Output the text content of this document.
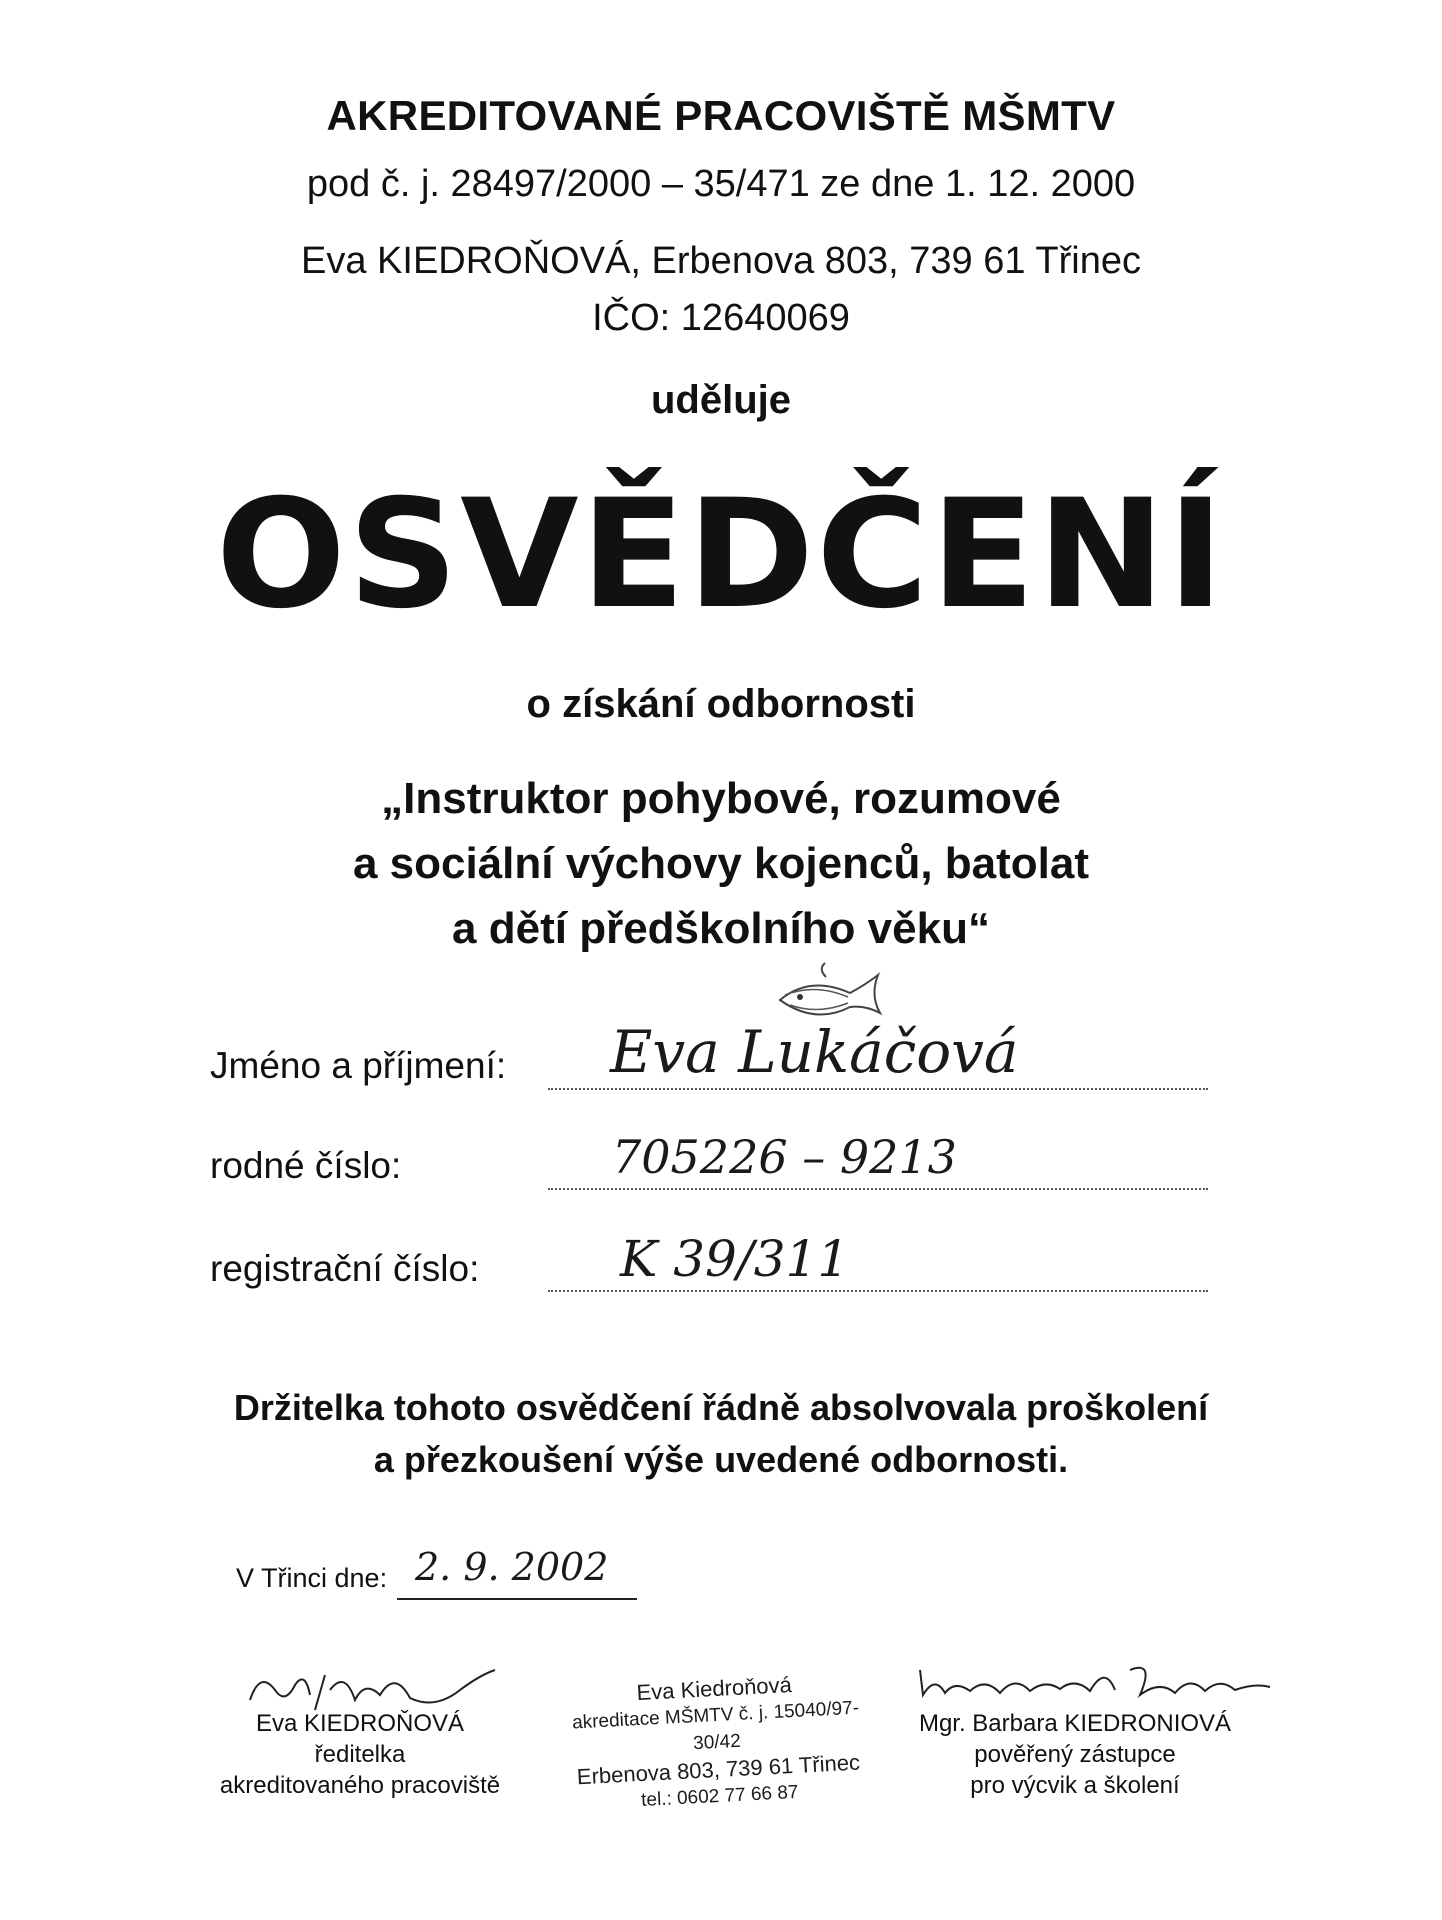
AKREDITOVANÉ PRACOVIŠTĚ MŠMTV
pod č. j. 28497/2000 – 35/471 ze dne 1. 12. 2000
Eva KIEDROŇOVÁ, Erbenova 803, 739 61 Třinec
IČO: 12640069
uděluje
OSVĚDČENÍ
o získání odbornosti
„Instruktor pohybové, rozumové
a sociální výchovy kojenců, batolat
a dětí předškolního věku“
Jméno a příjmení: Eva Lukáčová
rodné číslo:	705226 – 9213
registrační číslo:	K 39/311
Držitelka tohoto osvědčení řádně absolvovala proškolení
a přezkoušení výše uvedené odbornosti.
V Třinci dne: 2. 9. 2002
Eva KIEDROŇOVÁ
ředitelka
akreditovaného pracoviště
Eva Kiedroňová
akreditace MŠMTV č. j. 15040/97-30/42
Erbenova 803, 739 61 Třinec
tel.: 0602 77 66 87
Mgr. Barbara KIEDRONIOVÁ
pověřený zástupce
pro výcvik a školení
